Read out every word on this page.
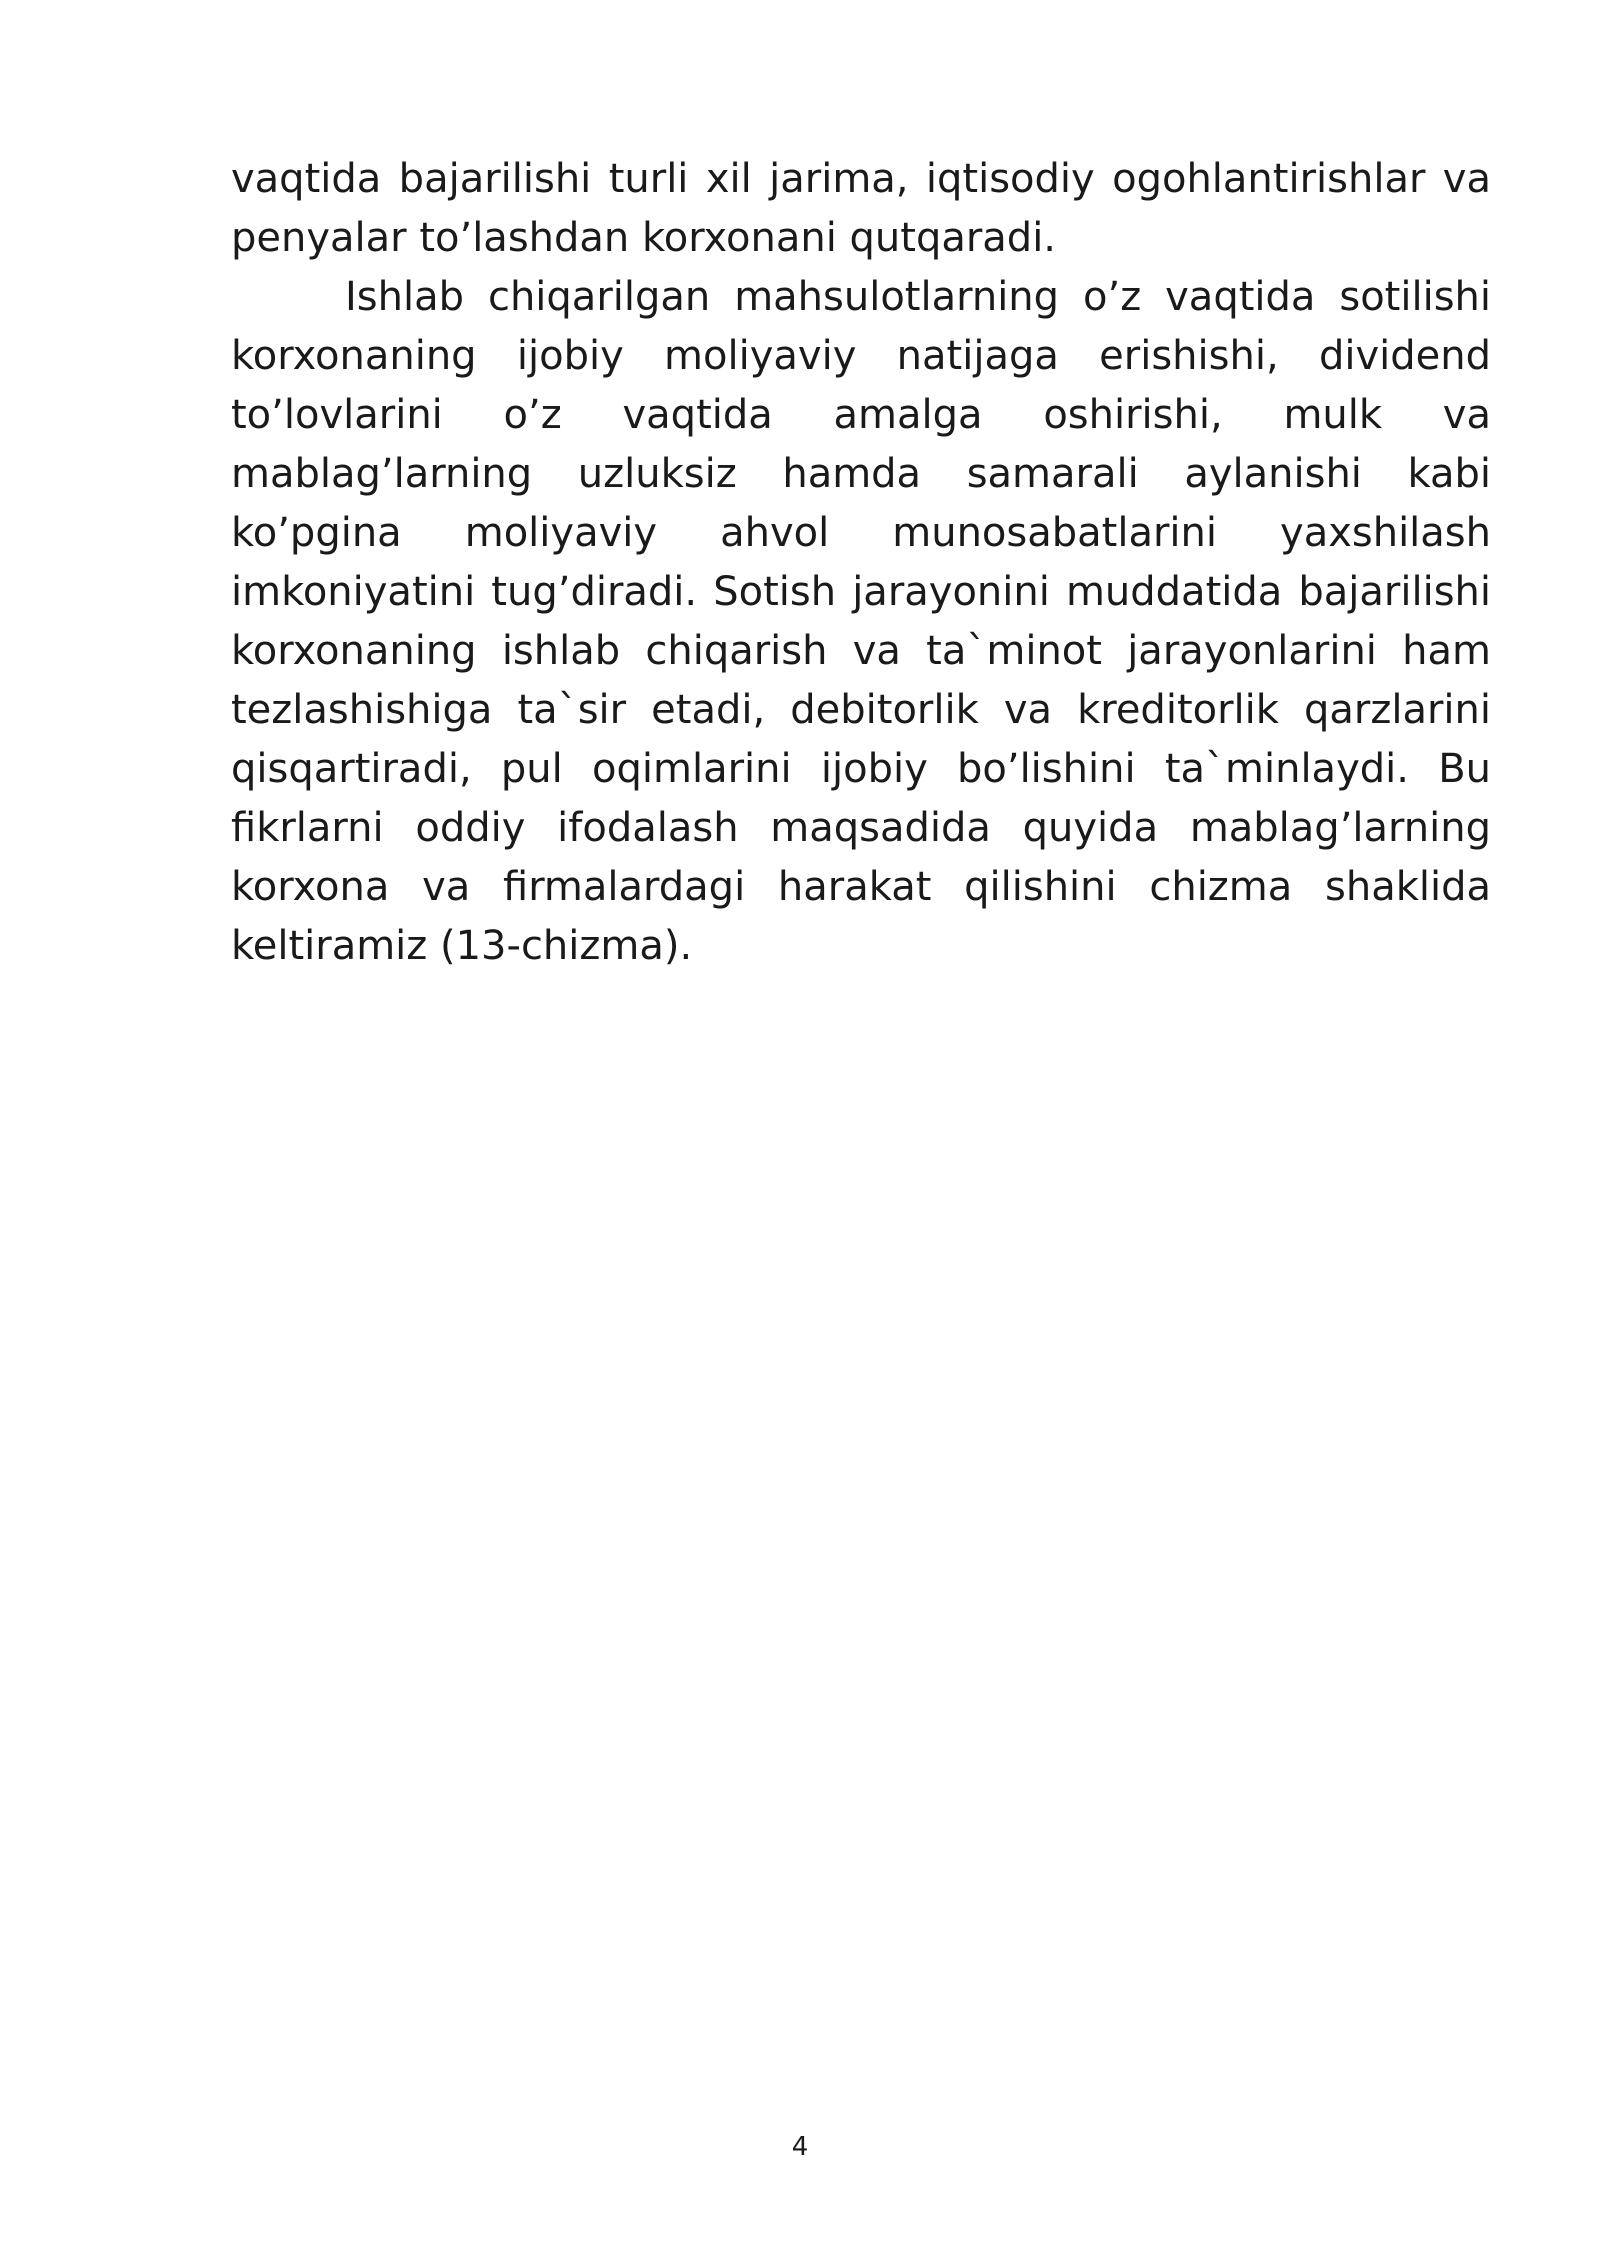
vaqtida bajarilishi turli xil jarima, iqtisodiy ogohlantirishlar va penyalar to’lashdan korxonani qutqaradi.

Ishlab chiqarilgan mahsulotlarning o’z vaqtida sotilishi korxonaning ijobiy moliyaviy natijaga erishishi, dividend to’lovlarini o’z vaqtida amalga oshirishi, mulk va mablag’larning uzluksiz hamda samarali aylanishi kabi ko’pgina moliyaviy ahvol munosabatlarini yaxshilash imkoniyatini tug’diradi. Sotish jarayonini muddatida bajarilishi korxonaning ishlab chiqarish va ta`minot jarayonlarini ham tezlashishiga ta`sir etadi, debitorlik va kreditorlik qarzlarini qisqartiradi, pul oqimlarini ijobiy bo’lishini ta`minlaydi. Bu fikrlarni oddiy ifodalash maqsadida quyida mablag’larning korxona va firmalardagi harakat qilishini chizma shaklida keltiramiz (13-chizma).

4
